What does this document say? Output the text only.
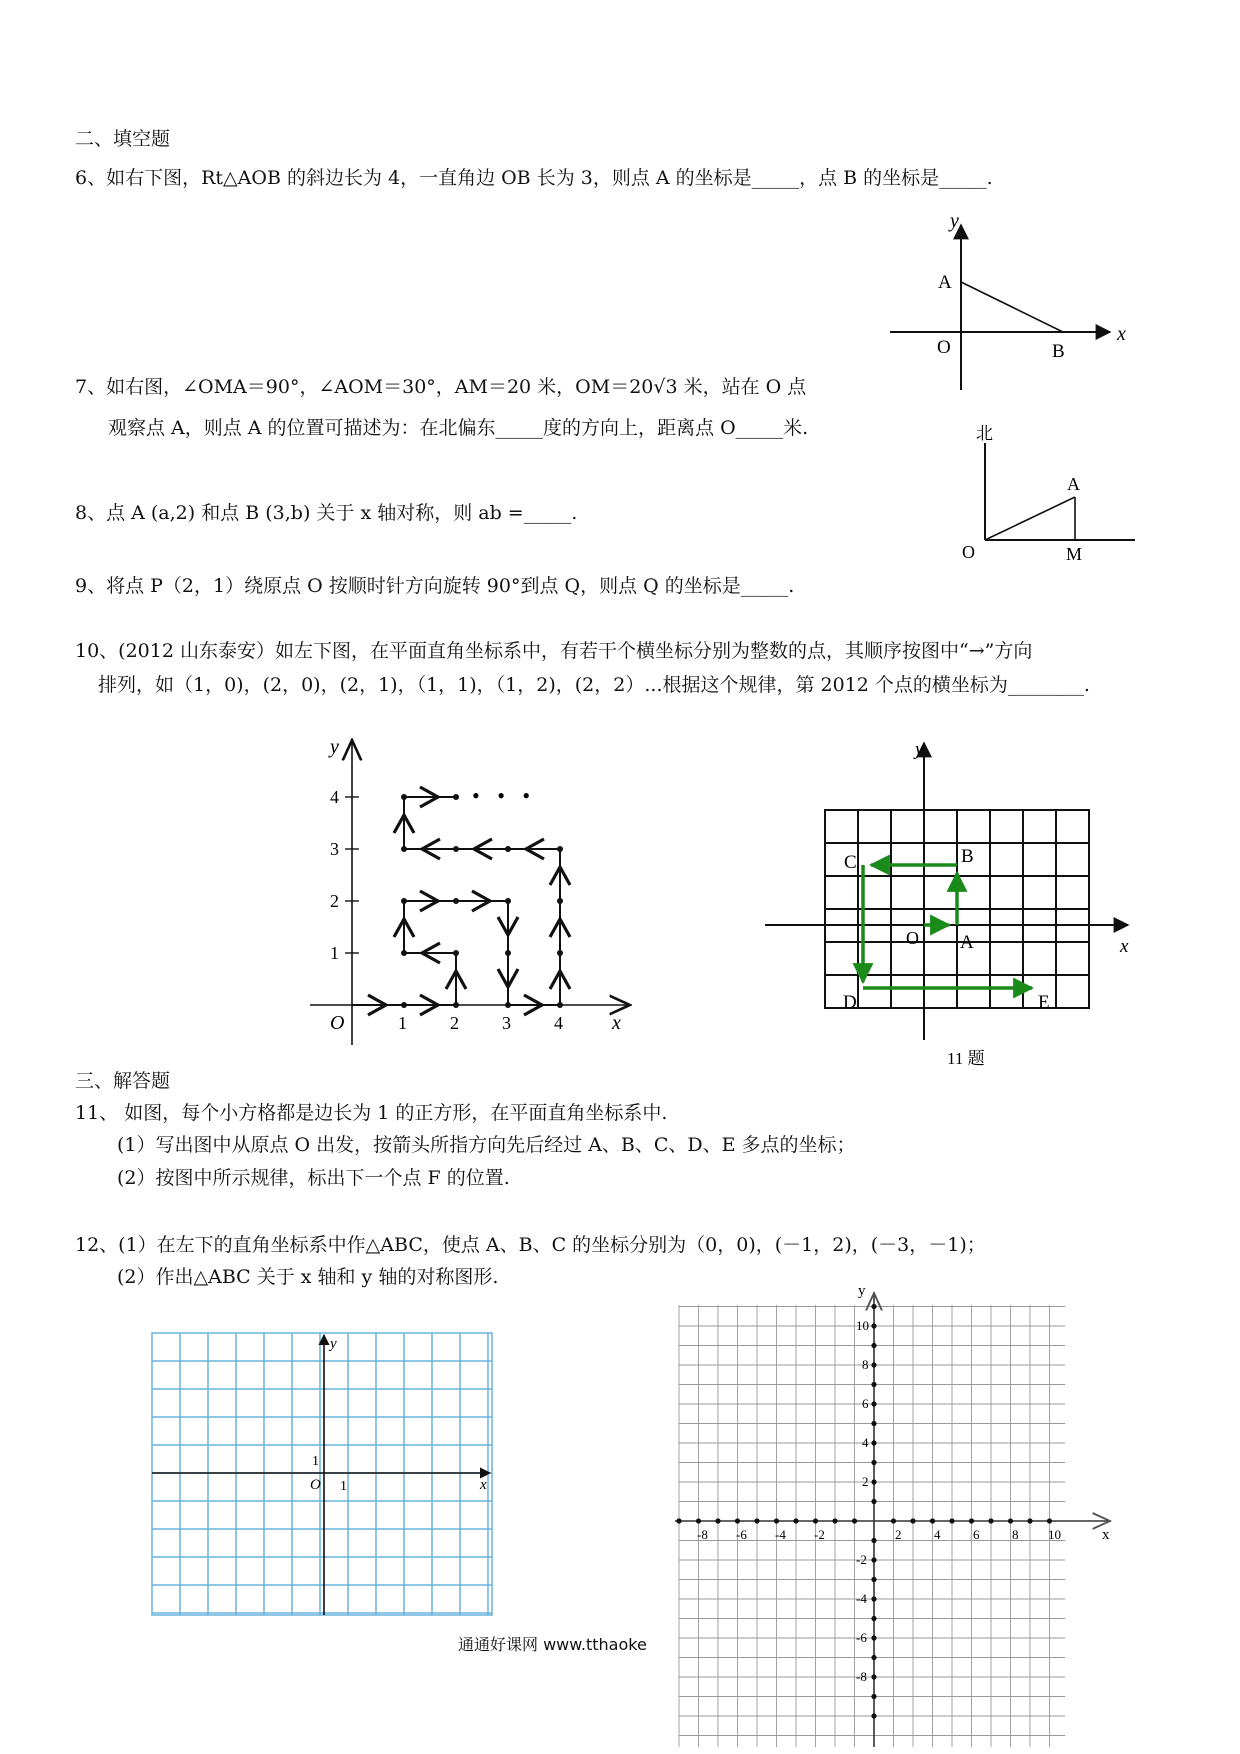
二、填空题
6、如右下图，Rt△AOB 的斜边长为 4，一直角边 OB 长为 3，则点 A 的坐标是_____，点 B 的坐标是_____.
7、如右图，∠OMA＝90°，∠AOM＝30°，AM＝20 米，OM＝20√3 米，站在 O 点
观察点 A，则点 A 的位置可描述为：在北偏东_____度的方向上，距离点 O_____米.
8、点 A (a,2) 和点 B (3,b) 关于 x 轴对称，则 ab =_____.
9、将点 P（2，1）绕原点 O 按顺时针方向旋转 90°到点 Q，则点 Q 的坐标是_____.
10、(2012 山东泰安）如左下图，在平面直角坐标系中，有若干个横坐标分别为整数的点，其顺序按图中“→”方向
排列，如（1，0)，(2，0)，(2，1)，（1，1)，（1，2)，(2，2）...根据这个规律，第 2012 个点的横坐标为________.
三、解答题
11、 如图，每个小方格都是边长为 1 的正方形，在平面直角坐标系中.
(1）写出图中从原点 O 出发，按箭头所指方向先后经过 A、B、C、D、E 多点的坐标；
(2）按图中所示规律，标出下一个点 F 的位置.
12、(1）在左下的直角坐标系中作△ABC，使点 A、B、C 的坐标分别为（0，0)，(－1，2)，(－3，－1)；
(2）作出△ABC 关于 x 轴和 y 轴的对称图形.
通通好课网 www.tthaoke
y
x
A
O	B
北
A
O	M
• • •
y
x
O	1 2 3 4
1
2
3
4
y
x
O A
B
C
D	E
11 题
y
x
O 1
1
y
x
-8 -6 -4 -2	2	4	6	8 10
10
8
6
4
2
-2
-4
-6
-8
